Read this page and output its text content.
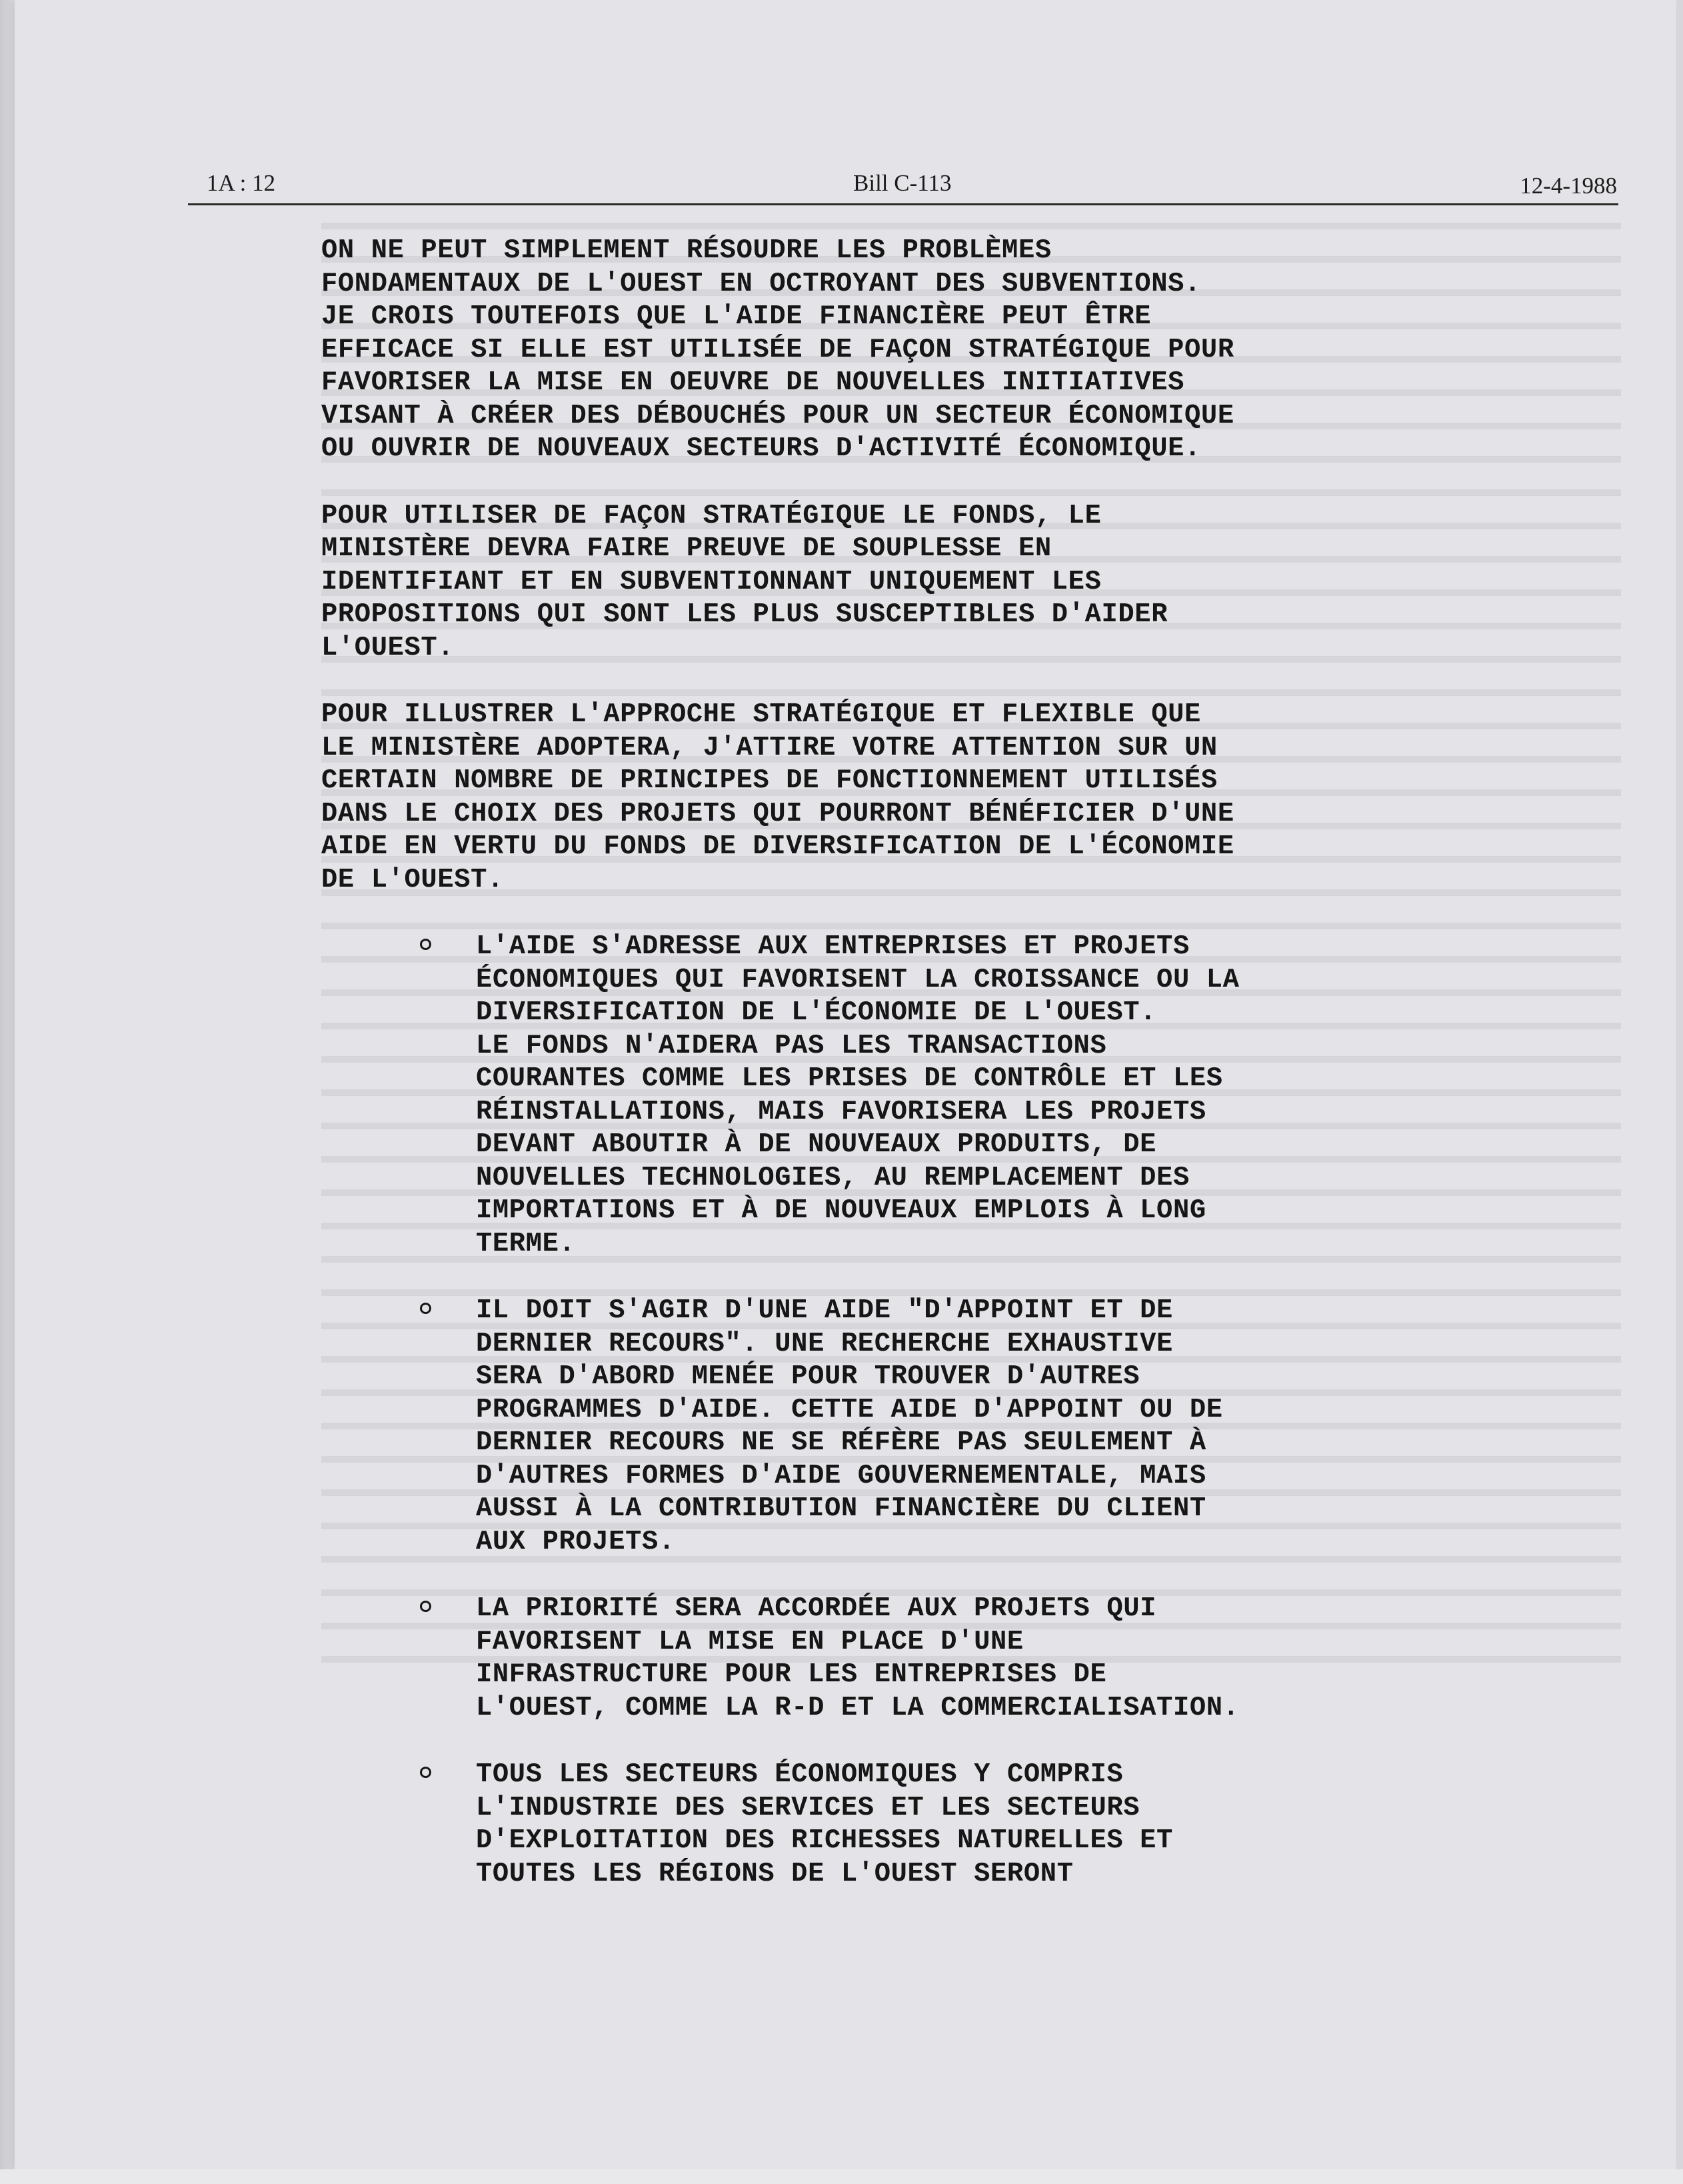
1A : 12	Bill C-113	12-4-1988
ON NE PEUT SIMPLEMENT RÉSOUDRE LES PROBLÈMES
FONDAMENTAUX DE L'OUEST EN OCTROYANT DES SUBVENTIONS.
JE CROIS TOUTEFOIS QUE L'AIDE FINANCIÈRE PEUT ÊTRE
EFFICACE SI ELLE EST UTILISÉE DE FAÇON STRATÉGIQUE POUR
FAVORISER LA MISE EN OEUVRE DE NOUVELLES INITIATIVES
VISANT À CRÉER DES DÉBOUCHÉS POUR UN SECTEUR ÉCONOMIQUE
OU OUVRIR DE NOUVEAUX SECTEURS D'ACTIVITÉ ÉCONOMIQUE.
POUR UTILISER DE FAÇON STRATÉGIQUE LE FONDS, LE
MINISTÈRE DEVRA FAIRE PREUVE DE SOUPLESSE EN
IDENTIFIANT ET EN SUBVENTIONNANT UNIQUEMENT LES
PROPOSITIONS QUI SONT LES PLUS SUSCEPTIBLES D'AIDER
L'OUEST.
POUR ILLUSTRER L'APPROCHE STRATÉGIQUE ET FLEXIBLE QUE
LE MINISTÈRE ADOPTERA, J'ATTIRE VOTRE ATTENTION SUR UN
CERTAIN NOMBRE DE PRINCIPES DE FONCTIONNEMENT UTILISÉS
DANS LE CHOIX DES PROJETS QUI POURRONT BÉNÉFICIER D'UNE
AIDE EN VERTU DU FONDS DE DIVERSIFICATION DE L'ÉCONOMIE
DE L'OUEST.
L'AIDE S'ADRESSE AUX ENTREPRISES ET PROJETS
ÉCONOMIQUES QUI FAVORISENT LA CROISSANCE OU LA
DIVERSIFICATION DE L'ÉCONOMIE DE L'OUEST.
LE FONDS N'AIDERA PAS LES TRANSACTIONS
COURANTES COMME LES PRISES DE CONTRÔLE ET LES
RÉINSTALLATIONS, MAIS FAVORISERA LES PROJETS
DEVANT ABOUTIR À DE NOUVEAUX PRODUITS, DE
NOUVELLES TECHNOLOGIES, AU REMPLACEMENT DES
IMPORTATIONS ET À DE NOUVEAUX EMPLOIS À LONG
TERME.
IL DOIT S'AGIR D'UNE AIDE "D'APPOINT ET DE
DERNIER RECOURS". UNE RECHERCHE EXHAUSTIVE
SERA D'ABORD MENÉE POUR TROUVER D'AUTRES
PROGRAMMES D'AIDE. CETTE AIDE D'APPOINT OU DE
DERNIER RECOURS NE SE RÉFÈRE PAS SEULEMENT À
D'AUTRES FORMES D'AIDE GOUVERNEMENTALE, MAIS
AUSSI À LA CONTRIBUTION FINANCIÈRE DU CLIENT
AUX PROJETS.
LA PRIORITÉ SERA ACCORDÉE AUX PROJETS QUI
FAVORISENT LA MISE EN PLACE D'UNE
INFRASTRUCTURE POUR LES ENTREPRISES DE
L'OUEST, COMME LA R-D ET LA COMMERCIALISATION.
TOUS LES SECTEURS ÉCONOMIQUES Y COMPRIS
L'INDUSTRIE DES SERVICES ET LES SECTEURS
D'EXPLOITATION DES RICHESSES NATURELLES ET
TOUTES LES RÉGIONS DE L'OUEST SERONT
